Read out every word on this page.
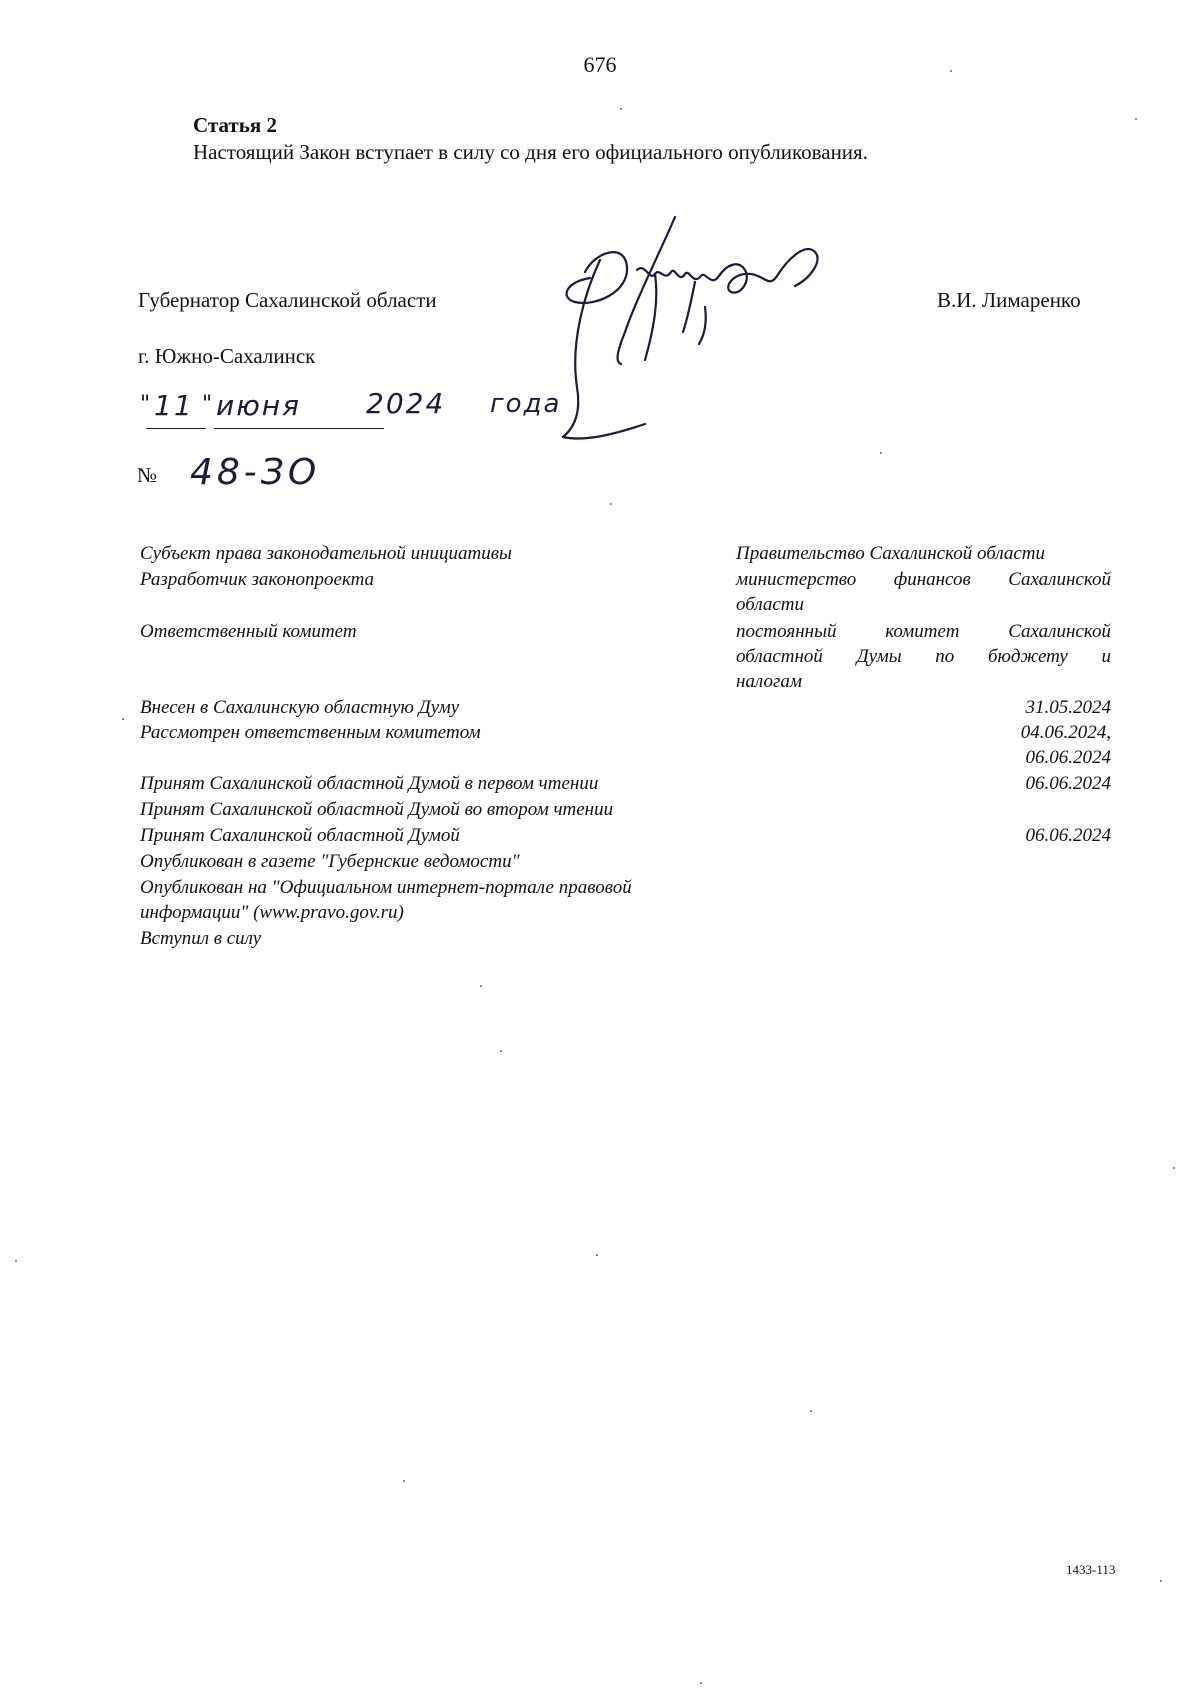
676
Статья 2
Настоящий Закон вступает в силу со дня его официального опубликования.
Губернатор Сахалинской области	В.И. Лимаренко
г. Южно-Сахалинск
" 11 " июня 2024 года
№ 48-ЗО
Субъект права законодательной инициативы	Правительство Сахалинской области
Разработчик законопроекта	министерство финансов Сахалинской
области
Ответственный комитет	постоянный комитет Сахалинской
областной Думы по бюджету и
налогам
Внесен в Сахалинскую областную Думу	31.05.2024
Рассмотрен ответственным комитетом	04.06.2024,
06.06.2024
Принят Сахалинской областной Думой в первом чтении	06.06.2024
Принят Сахалинской областной Думой во втором чтении
Принят Сахалинской областной Думой	06.06.2024
Опубликован в газете "Губернские ведомости"
Опубликован на "Официальном интернет-портале правовой
информации" (www.pravo.gov.ru)
Вступил в силу
1433-113
